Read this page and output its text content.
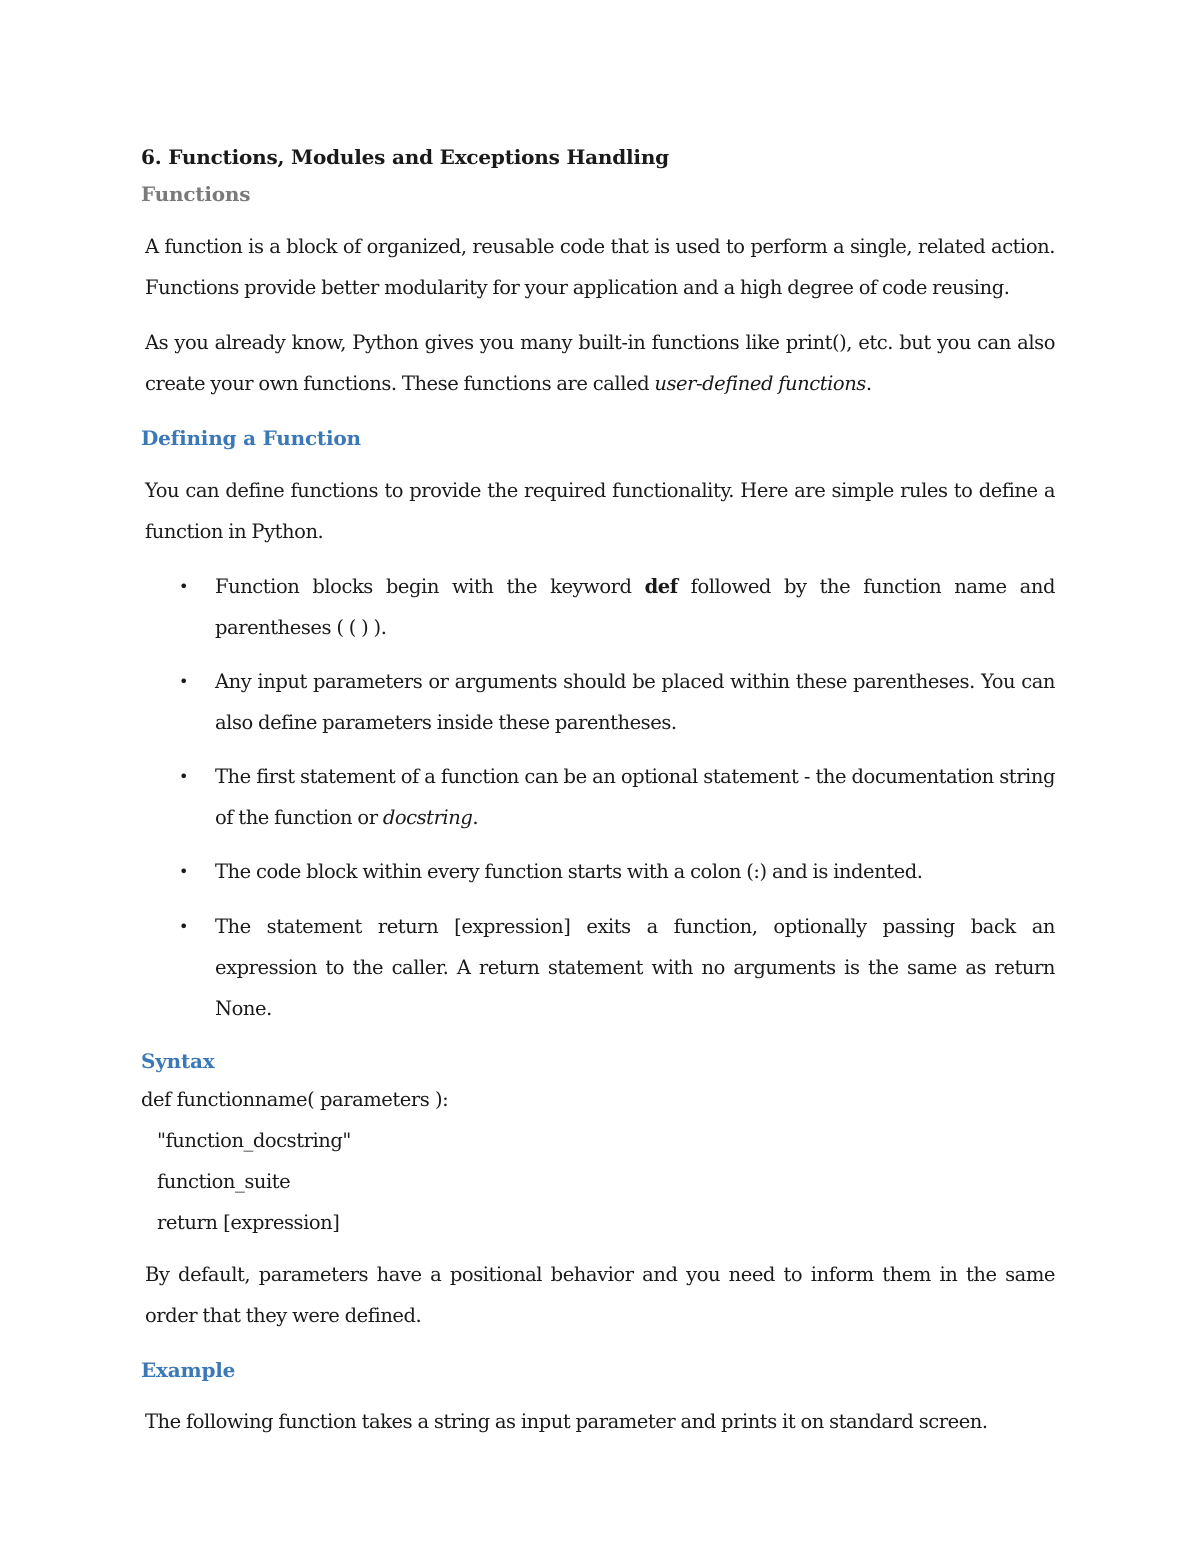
6. Functions, Modules and Exceptions Handling
Functions

A function is a block of organized, reusable code that is used to perform a single, related action. Functions provide better modularity for your application and a high degree of code reusing.

As you already know, Python gives you many built-in functions like print(), etc. but you can also create your own functions. These functions are called user-defined functions.

Defining a Function

You can define functions to provide the required functionality. Here are simple rules to define a function in Python.

• Function blocks begin with the keyword def followed by the function name and parentheses ( ( ) ).
• Any input parameters or arguments should be placed within these parentheses. You can also define parameters inside these parentheses.
• The first statement of a function can be an optional statement - the documentation string of the function or docstring.
• The code block within every function starts with a colon (:) and is indented.
• The statement return [expression] exits a function, optionally passing back an expression to the caller. A return statement with no arguments is the same as return None.
Syntax
def functionname( parameters ):
"function_docstring"
function_suite
return [expression]

By default, parameters have a positional behavior and you need to inform them in the same order that they were defined.

Example

The following function takes a string as input parameter and prints it on standard screen.
